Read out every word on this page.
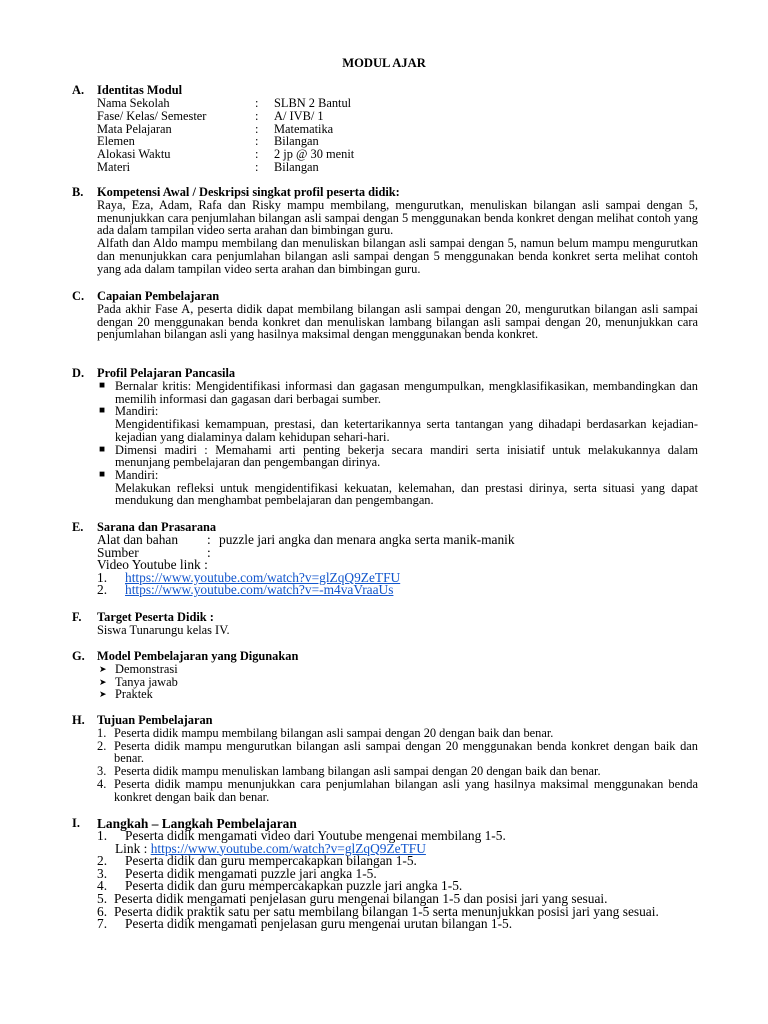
MODUL AJAR
A. Identitas Modul
Nama Sekolah	: SLBN 2 Bantul
Fase/ Kelas/ Semester	: A/ IVB/ 1
Mata Pelajaran	: Matematika
Elemen	: Bilangan
Alokasi Waktu	: 2 jp @ 30 menit
Materi	: Bilangan
B. Kompetensi Awal / Deskripsi singkat profil peserta didik:
Raya, Eza, Adam, Rafa dan Risky mampu membilang, mengurutkan, menuliskan bilangan asli sampai dengan 5, menunjukkan cara penjumlahan bilangan asli sampai dengan 5 menggunakan benda konkret dengan melihat contoh yang ada dalam tampilan video serta arahan dan bimbingan guru.
Alfath dan Aldo mampu membilang dan menuliskan bilangan asli sampai dengan 5, namun belum mampu mengurutkan dan menunjukkan cara penjumlahan bilangan asli sampai dengan 5 menggunakan benda konkret serta melihat contoh yang ada dalam tampilan video serta arahan dan bimbingan guru.
C. Capaian Pembelajaran
Pada akhir Fase A, peserta didik dapat membilang bilangan asli sampai dengan 20, mengurutkan bilangan asli sampai dengan 20 menggunakan benda konkret dan menuliskan lambang bilangan asli sampai dengan 20, menunjukkan cara penjumlahan bilangan asli yang hasilnya maksimal dengan menggunakan benda konkret.
D. Profil Pelajaran Pancasila
■ Bernalar kritis: Mengidentifikasi informasi dan gagasan mengumpulkan, mengklasifikasikan, membandingkan dan memilih informasi dan gagasan dari berbagai sumber.
■ Mandiri:
Mengidentifikasi kemampuan, prestasi, dan ketertarikannya serta tantangan yang dihadapi berdasarkan kejadian-kejadian yang dialaminya dalam kehidupan sehari-hari.
■ Dimensi madiri : Memahami arti penting bekerja secara mandiri serta inisiatif untuk melakukannya dalam menunjang pembelajaran dan pengembangan dirinya.
■ Mandiri:
Melakukan refleksi untuk mengidentifikasi kekuatan, kelemahan, dan prestasi dirinya, serta situasi yang dapat mendukung dan menghambat pembelajaran dan pengembangan.
E. Sarana dan Prasarana
Alat dan bahan : puzzle jari angka dan menara angka serta manik-manik
Sumber	:
Video Youtube link :
1. https://www.youtube.com/watch?v=glZqQ9ZeTFU
2. https://www.youtube.com/watch?v=-m4vaVraaUs
F. Target Peserta Didik :
Siswa Tunarungu kelas IV.
G. Model Pembelajaran yang Digunakan
➤ Demonstrasi
➤ Tanya jawab
➤ Praktek
H. Tujuan Pembelajaran
1. Peserta didik mampu membilang bilangan asli sampai dengan 20 dengan baik dan benar.
2. Peserta didik mampu mengurutkan bilangan asli sampai dengan 20 menggunakan benda konkret dengan baik dan benar.
3. Peserta didik mampu menuliskan lambang bilangan asli sampai dengan 20 dengan baik dan benar.
4. Peserta didik mampu menunjukkan cara penjumlahan bilangan asli yang hasilnya maksimal menggunakan benda konkret dengan baik dan benar.
I. Langkah – Langkah Pembelajaran
1. Peserta didik mengamati video dari Youtube mengenai membilang 1-5.
Link : https://www.youtube.com/watch?v=glZqQ9ZeTFU
2. Peserta didik dan guru mempercakapkan bilangan 1-5.
3. Peserta didik mengamati puzzle jari angka 1-5.
4. Peserta didik dan guru mempercakapkan puzzle jari angka 1-5.
5. Peserta didik mengamati penjelasan guru mengenai bilangan 1-5 dan posisi jari yang sesuai.
6. Peserta didik praktik satu per satu membilang bilangan 1-5 serta menunjukkan posisi jari yang sesuai.
7. Peserta didik mengamati penjelasan guru mengenai urutan bilangan 1-5.
